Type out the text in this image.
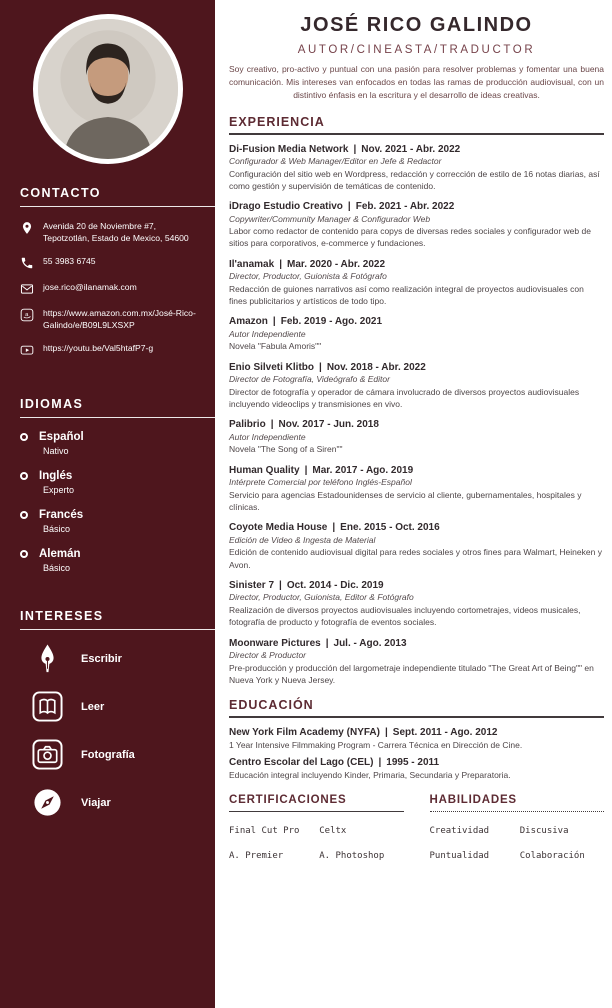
CONTACTO
Avenida 20 de Noviembre #7, Tepotzotlán, Estado de Mexico, 54600
55 3983 6745
jose.rico@ilanamak.com
a https://www.amazon.com.mx/José-Rico-Galindo/e/B09L9LXSXP
https://youtu.be/Val5htafP7-g
IDIOMAS
Español
Nativo
Inglés
Experto
Francés
Básico
Alemán
Básico
INTERESES
Escribir
Leer
Fotografía
Viajar
JOSÉ RICO GALINDO
AUTOR/CINEASTA/TRADUCTOR

Soy creativo, pro-activo y puntual con una pasión para resolver problemas y fomentar una buena comunicación. Mis intereses van enfocados en todas las ramas de producción audiovisual, con un distintivo énfasis en la escritura y el desarrollo de ideas creativas.

EXPERIENCIA
Di-Fusion Media Network | Nov. 2021 - Abr. 2022
Configurador & Web Manager/Editor en Jefe & Redactor
Configuración del sitio web en Wordpress, redacción y corrección de estilo de 16 notas diarias, así como gestión y supervisión de temáticas de contenido.
iDrago Estudio Creativo | Feb. 2021 - Abr. 2022
Copywriter/Community Manager & Configurador Web
Labor como redactor de contenido para copys de diversas redes sociales y configurador web de sitios para corporativos, e-commerce y fundaciones.
Il'anamak | Mar. 2020 - Abr. 2022
Director, Productor, Guionista & Fotógrafo
Redacción de guiones narrativos así como realización integral de proyectos audiovisuales con fines publicitarios y artísticos de todo tipo.
Amazon | Feb. 2019 - Ago. 2021
Autor Independiente
Novela "Fabula Amoris""
Enio Silveti Klitbo | Nov. 2018 - Abr. 2022
Director de Fotografía, Videógrafo & Editor
Director de fotografía y operador de cámara involucrado de diversos proyectos audiovisuales incluyendo videoclips y transmisiones en vivo.
Palibrio | Nov. 2017 - Jun. 2018
Autor Independiente
Novela "The Song of a Siren""
Human Quality | Mar. 2017 - Ago. 2019
Intérprete Comercial por teléfono Inglés-Español
Servicio para agencias Estadounidenses de servicio al cliente, gubernamentales, hospitales y clínicas.
Coyote Media House | Ene. 2015 - Oct. 2016
Edición de Video & Ingesta de Material
Edición de contenido audiovisual digital para redes sociales y otros fines para Walmart, Heineken y Avon.
Sinister 7 | Oct. 2014 - Dic. 2019
Director, Productor, Guionista, Editor & Fotógrafo
Realización de diversos proyectos audiovisuales incluyendo cortometrajes, videos musicales, fotografía de producto y fotografía de eventos sociales.
Moonware Pictures | Jul. - Ago. 2013
Director & Productor
Pre-producción y producción del largometraje independiente titulado "The Great Art of Being"" en Nueva York y Nueva Jersey.
EDUCACIÓN
New York Film Academy (NYFA) | Sept. 2011 - Ago. 2012
1 Year Intensive Filmmaking Program - Carrera Técnica en Dirección de Cine.
Centro Escolar del Lago (CEL) | 1995 - 2011
Educación integral incluyendo Kinder, Primaria, Secundaria y Preparatoria.
CERTIFICACIONES
Final Cut Pro	Celtx
A. Premier	A. Photoshop
HABILIDADES
Creatividad	Discusiva
Puntualidad	Colaboración
